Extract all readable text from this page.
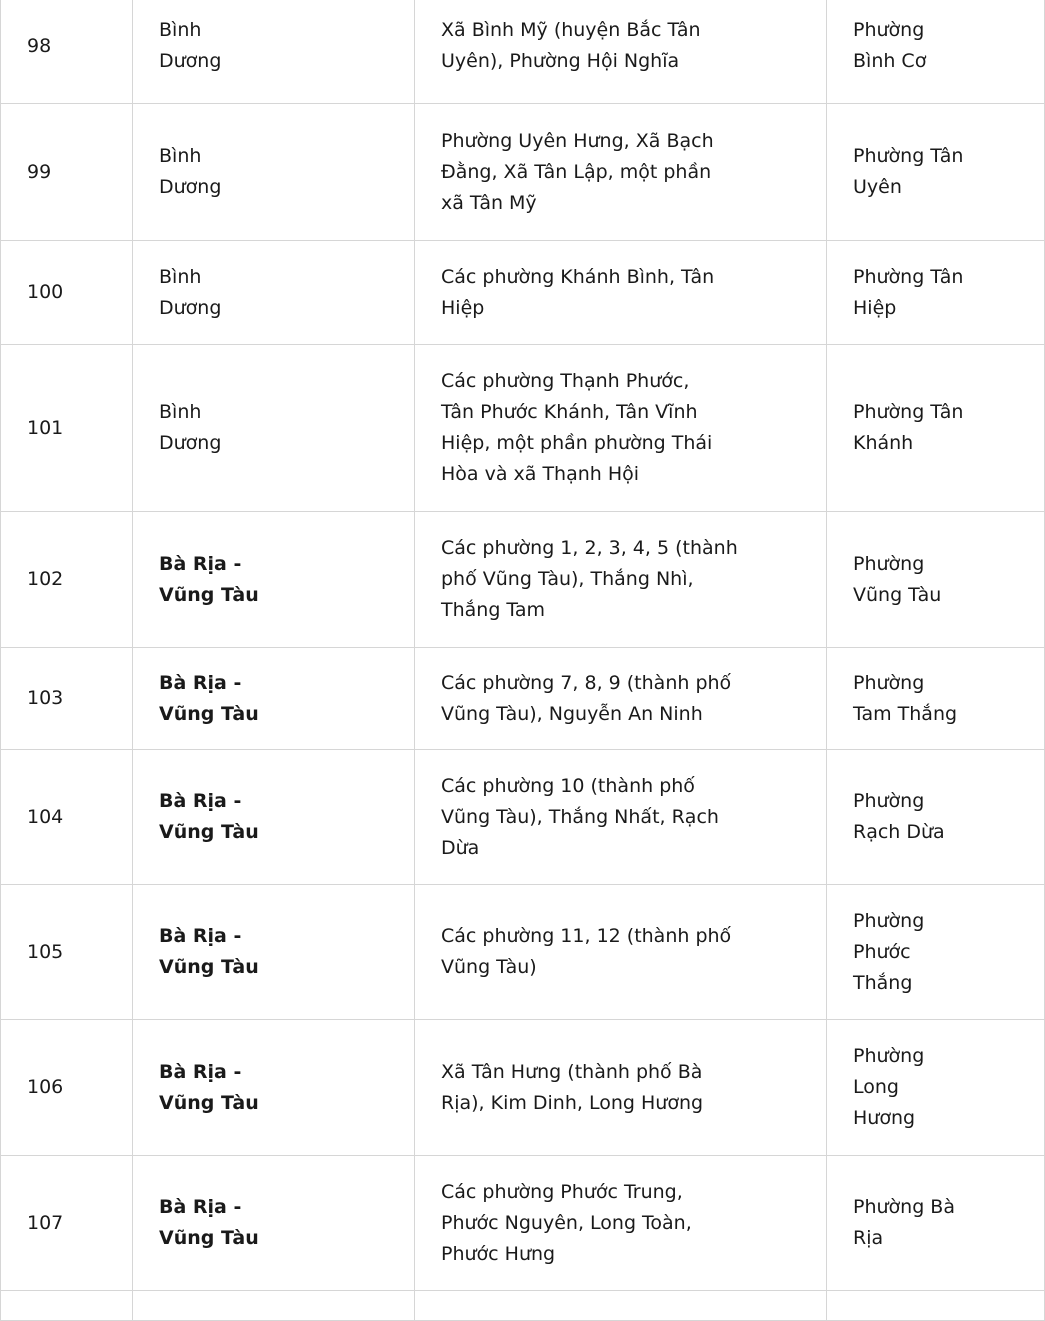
98	Bình
Dương	Xã Bình Mỹ (huyện Bắc Tân
Uyên), Phường Hội Nghĩa	Phường
Bình Cơ
99	Bình
Dương	Phường Uyên Hưng, Xã Bạch
Đằng, Xã Tân Lập, một phần
xã Tân Mỹ	Phường Tân
Uyên
100	Bình
Dương	Các phường Khánh Bình, Tân
Hiệp	Phường Tân
Hiệp
101	Bình
Dương	Các phường Thạnh Phước,
Tân Phước Khánh, Tân Vĩnh
Hiệp, một phần phường Thái
Hòa và xã Thạnh Hội	Phường Tân
Khánh
102	Bà Rịa -
Vũng Tàu	Các phường 1, 2, 3, 4, 5 (thành
phố Vũng Tàu), Thắng Nhì,
Thắng Tam	Phường
Vũng Tàu
103	Bà Rịa -
Vũng Tàu	Các phường 7, 8, 9 (thành phố
Vũng Tàu), Nguyễn An Ninh	Phường
Tam Thắng
104	Bà Rịa -
Vũng Tàu	Các phường 10 (thành phố
Vũng Tàu), Thắng Nhất, Rạch
Dừa	Phường
Rạch Dừa
105	Bà Rịa -
Vũng Tàu	Các phường 11, 12 (thành phố
Vũng Tàu)	Phường
Phước
Thắng
106	Bà Rịa -
Vũng Tàu	Xã Tân Hưng (thành phố Bà
Rịa), Kim Dinh, Long Hương	Phường
Long
Hương
107	Bà Rịa -
Vũng Tàu	Các phường Phước Trung,
Phước Nguyên, Long Toàn,
Phước Hưng	Phường Bà
Rịa
